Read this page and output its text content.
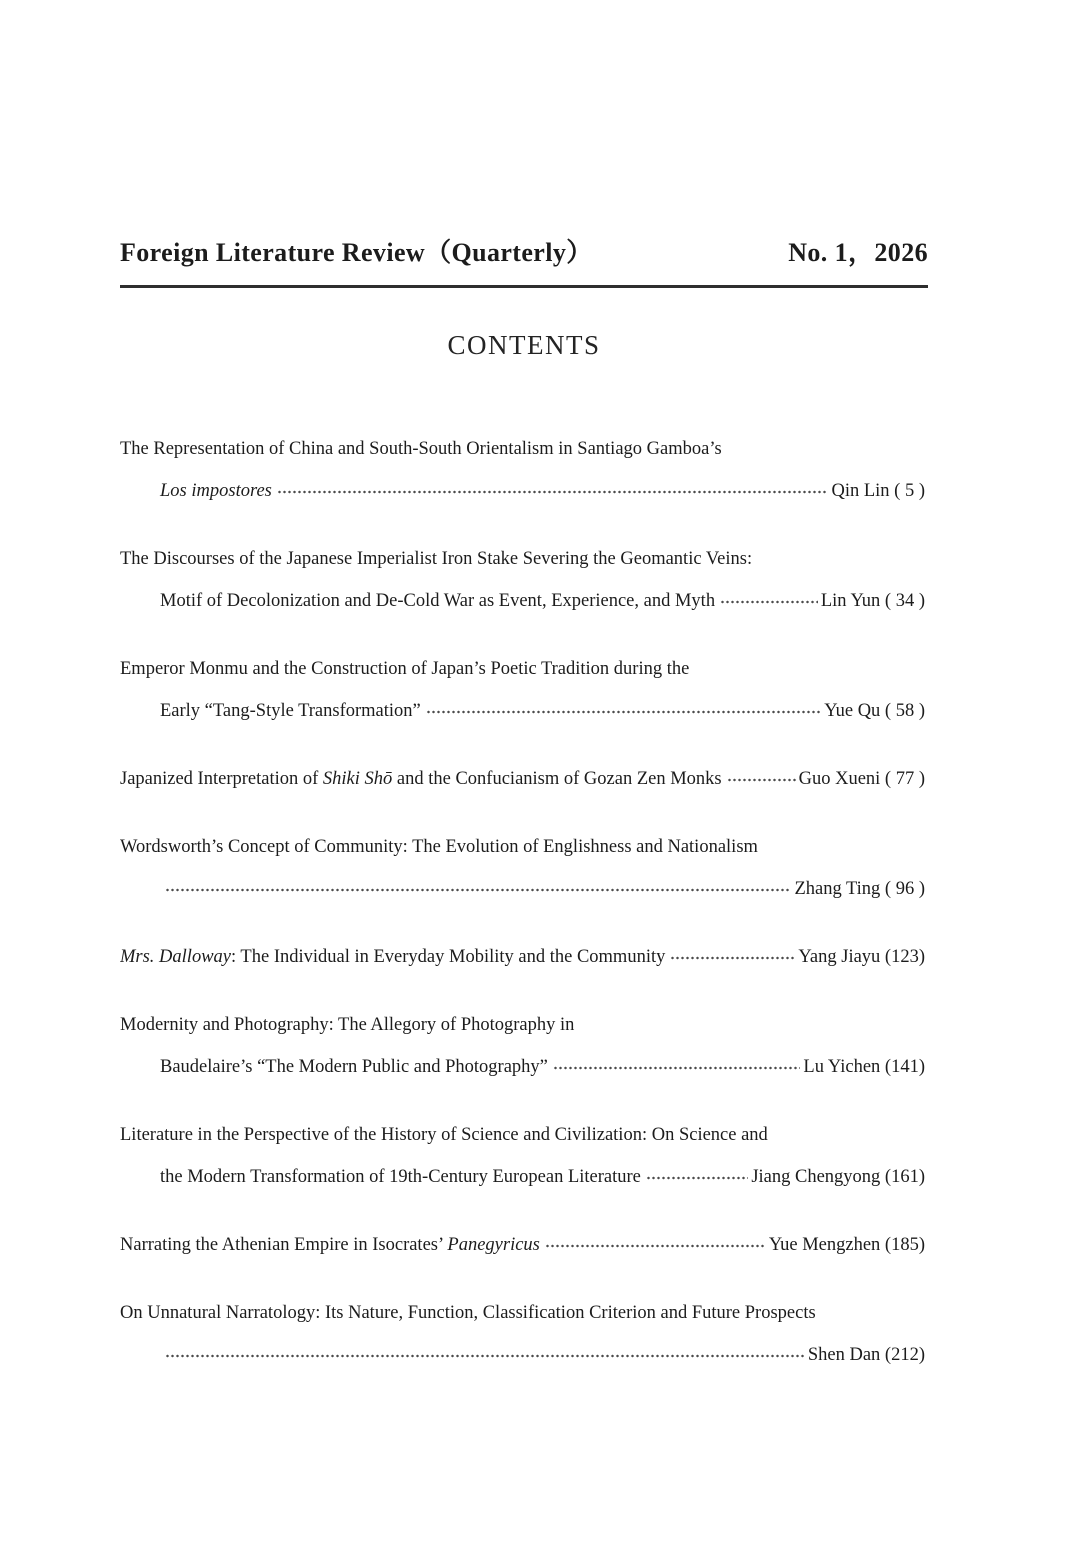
Foreign Literature Review（Quarterly）	No. 1，2026
CONTENTS
The Representation of China and South-South Orientalism in Santiago Gamboa’s
Los impostores	Qin Lin ( 5 )
The Discourses of the Japanese Imperialist Iron Stake Severing the Geomantic Veins:
Motif of Decolonization and De-Cold War as Event, Experience, and Myth	Lin Yun ( 34 )
Emperor Monmu and the Construction of Japan’s Poetic Tradition during the
Early “Tang-Style Transformation”	Yue Qu ( 58 )
Japanized Interpretation of Shiki Shō and the Confucianism of Gozan Zen Monks	Guo Xueni ( 77 )
Wordsworth’s Concept of Community: The Evolution of Englishness and Nationalism
Zhang Ting ( 96 )
Mrs. Dalloway: The Individual in Everyday Mobility and the Community	Yang Jiayu (123)
Modernity and Photography: The Allegory of Photography in
Baudelaire’s “The Modern Public and Photography”	Lu Yichen (141)
Literature in the Perspective of the History of Science and Civilization: On Science and
the Modern Transformation of 19th-Century European Literature	Jiang Chengyong (161)
Narrating the Athenian Empire in Isocrates’ Panegyricus	Yue Mengzhen (185)
On Unnatural Narratology: Its Nature, Function, Classification Criterion and Future Prospects
Shen Dan (212)
